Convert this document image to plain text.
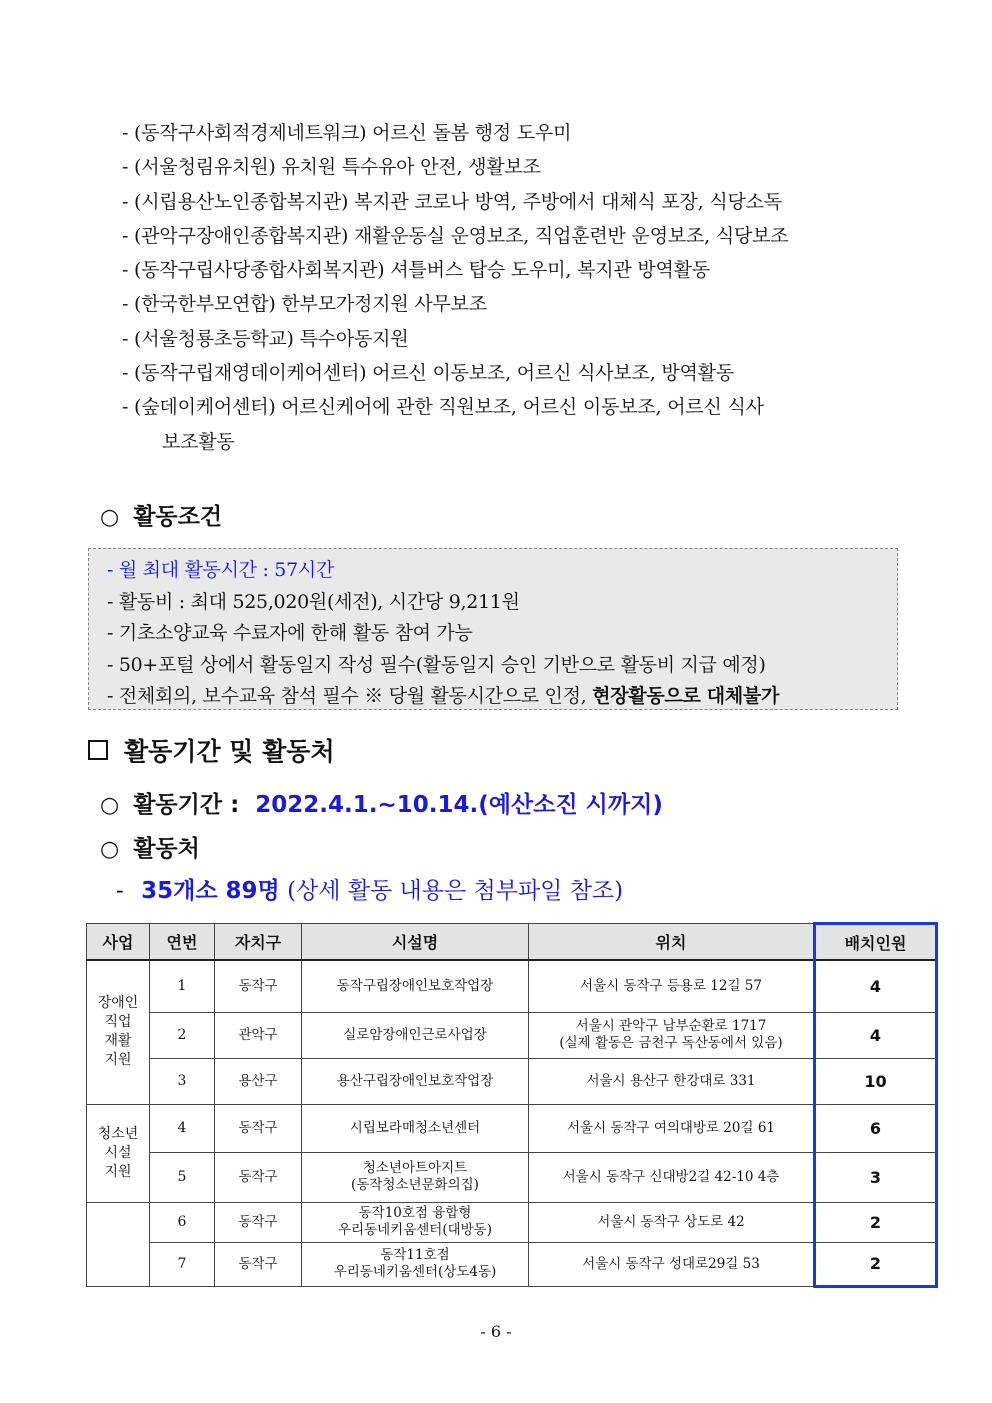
- (동작구사회적경제네트워크) 어르신 돌봄 행정 도우미
- (서울청림유치원) 유치원 특수유아 안전, 생활보조
- (시립용산노인종합복지관) 복지관 코로나 방역, 주방에서 대체식 포장, 식당소독
- (관악구장애인종합복지관) 재활운동실 운영보조, 직업훈련반 운영보조, 식당보조
- (동작구립사당종합사회복지관) 셔틀버스 탑승 도우미, 복지관 방역활동
- (한국한부모연합) 한부모가정지원 사무보조
- (서울청룡초등학교) 특수아동지원
- (동작구립재영데이케어센터) 어르신 이동보조, 어르신 식사보조, 방역활동
- (숲데이케어센터) 어르신케어에 관한 직원보조, 어르신 이동보조, 어르신 식사
보조활동
○ 활동조건
- 월 최대 활동시간 : 57시간
- 활동비 : 최대 525,020원(세전), 시간당 9,211원
- 기초소양교육 수료자에 한해 활동 참여 가능
- 50+포털 상에서 활동일지 작성 필수(활동일지 승인 기반으로 활동비 지급 예정)
- 전체회의, 보수교육 참석 필수 ※ 당월 활동시간으로 인정, 현장활동으로 대체불가
활동기간 및 활동처
○ 활동기간 : 2022.4.1.~10.14.(예산소진 시까지)
○ 활동처
- 35개소 89명 (상세 활동 내용은 첨부파일 참조)
사업	연번	자치구	시설명	위치	배치인원
장애인
직업
재활
지원	1	동작구	동작구립장애인보호작업장	서울시 동작구 등용로 12길 57	4
	2	관악구	실로암장애인근로사업장	서울시 관악구 남부순환로 1717
(실제 활동은 금천구 독산동에서 있음)	4
	3	용산구	용산구립장애인보호작업장	서울시 용산구 한강대로 331	10
청소년
시설
지원	4	동작구	시립보라매청소년센터	서울시 동작구 여의대방로 20길 61	6
	5	동작구	청소년아트아지트
(동작청소년문화의집)	서울시 동작구 신대방2길 42-10 4층	3
	6	동작구	동작10호점 융합형
우리동네키움센터(대방동)	서울시 동작구 상도로 42	2
	7	동작구	동작11호점
우리동네키움센터(상도4동)	서울시 동작구 성대로29길 53	2
- 6 -
